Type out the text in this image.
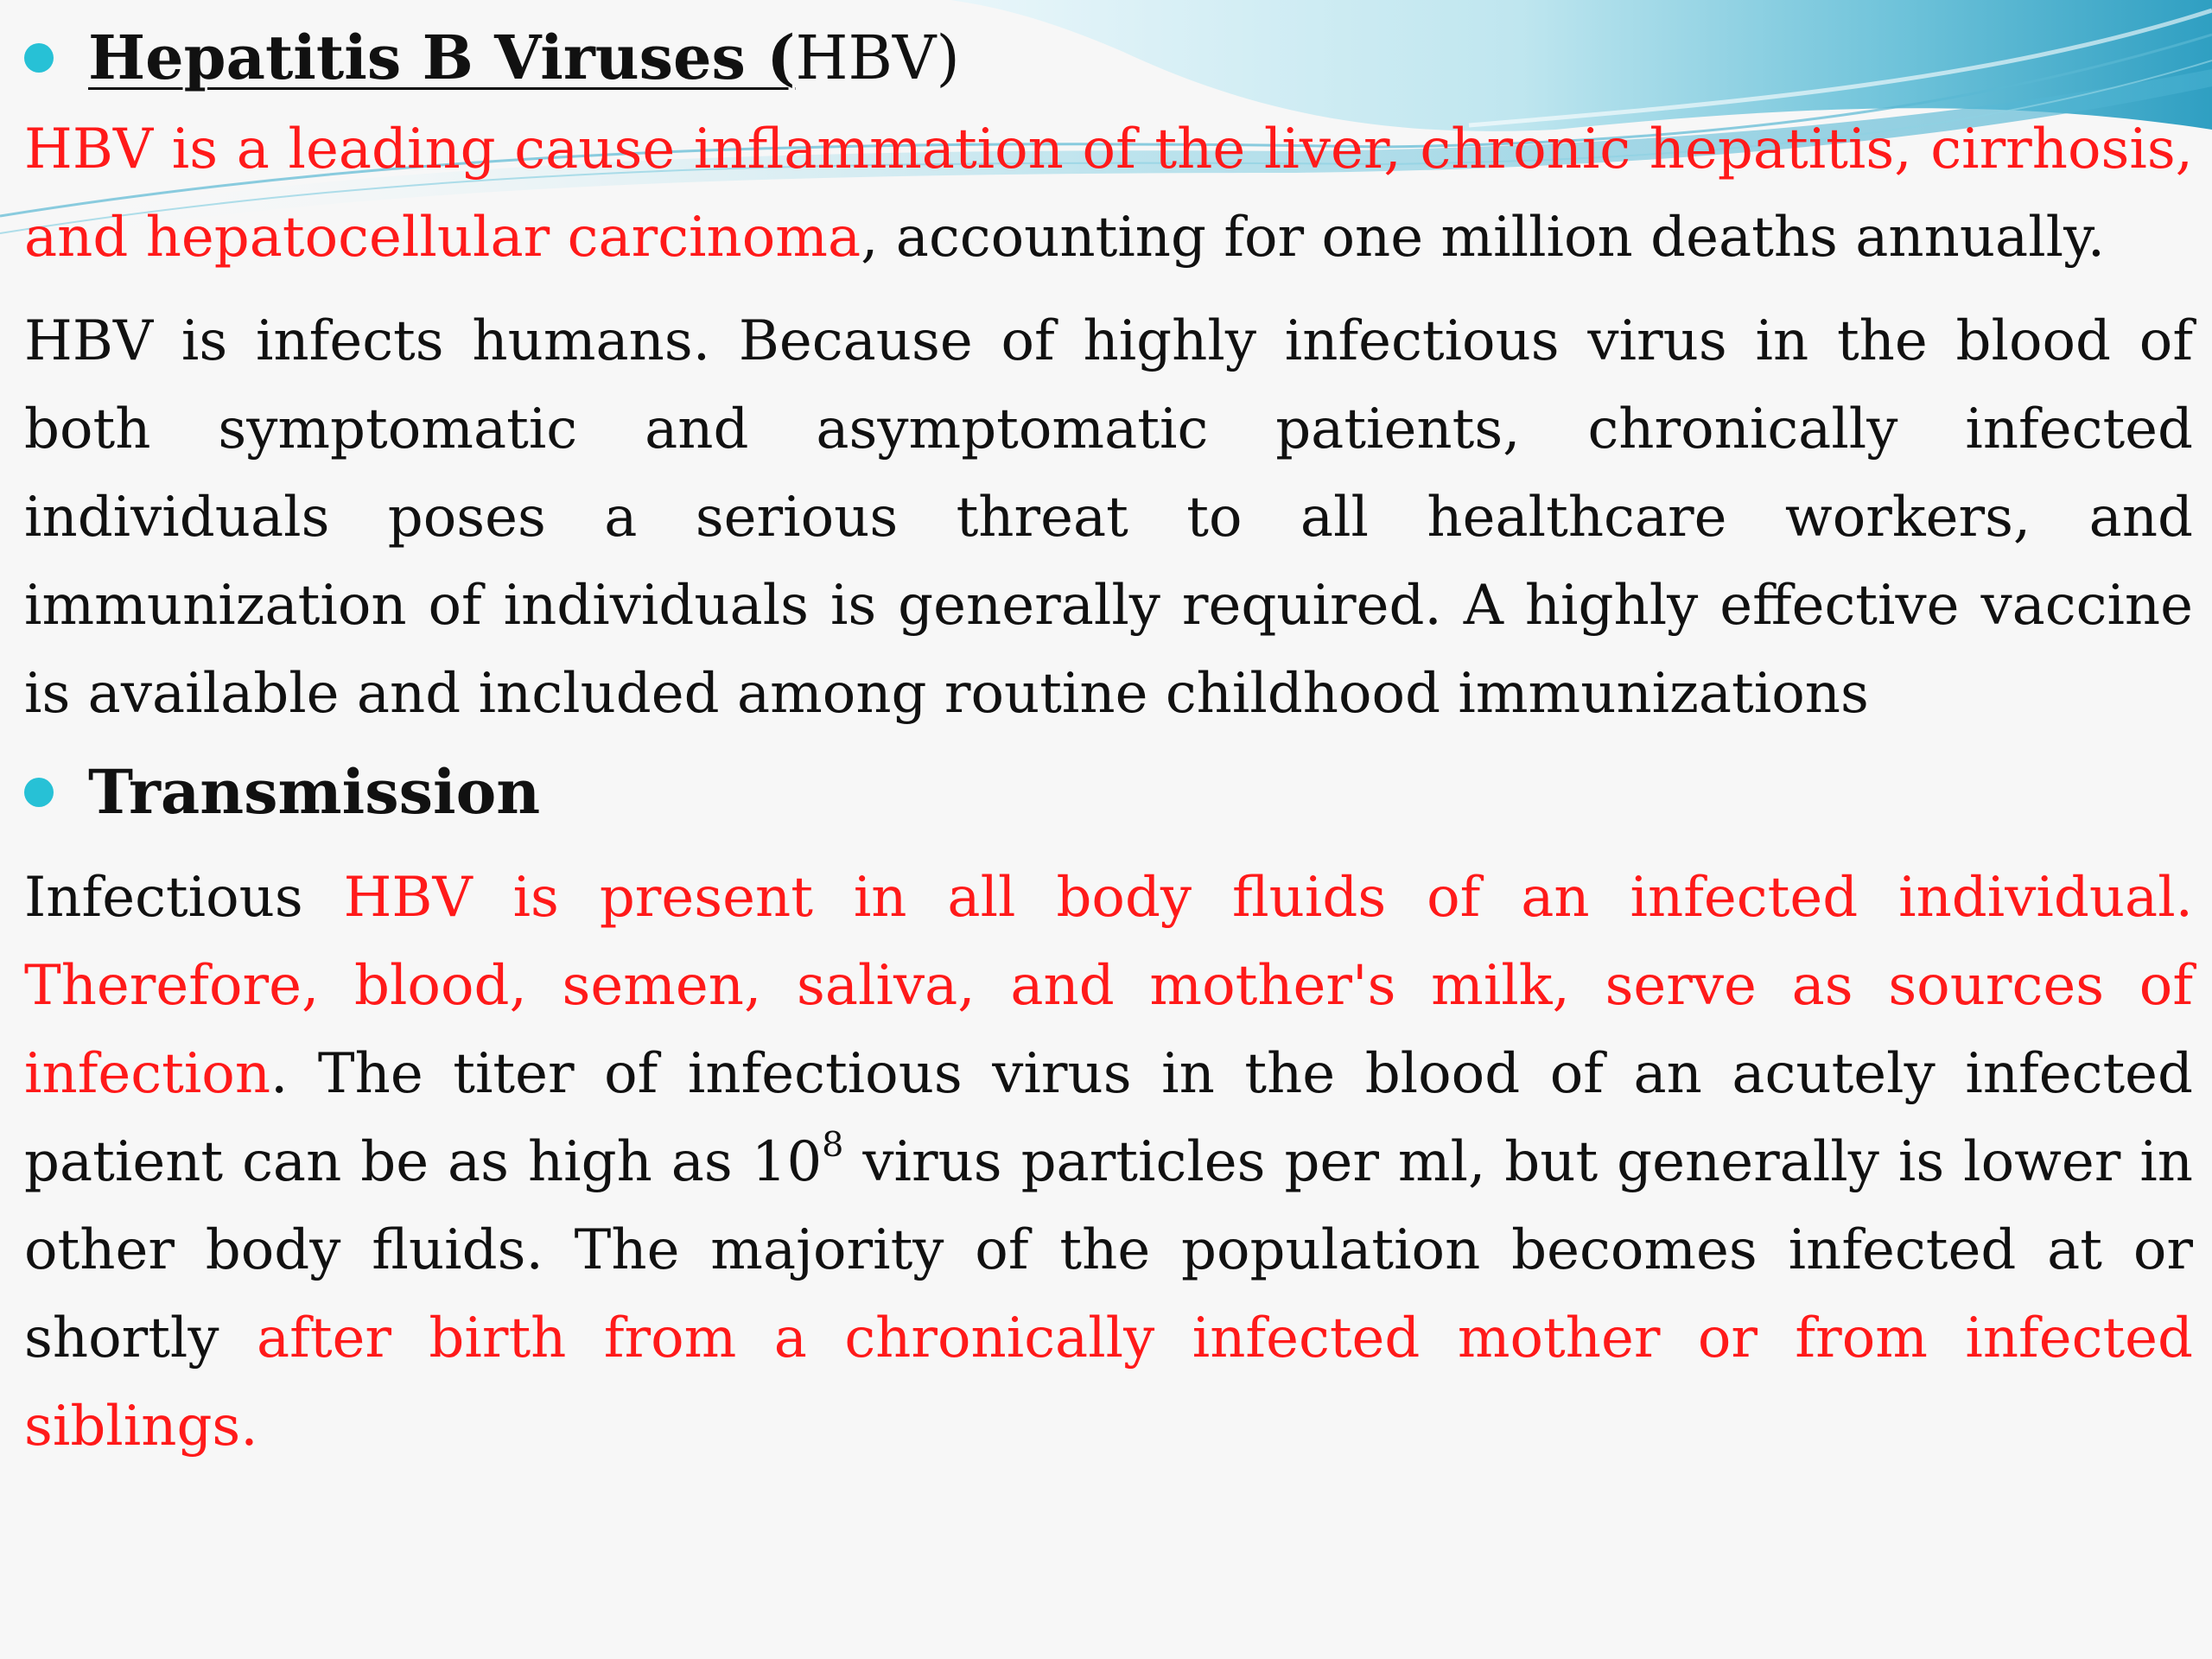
Hepatitis B Viruses ( HBV)

HBV is a leading cause inflammation of the liver, chronic hepatitis, cirrhosis, and hepatocellular carcinoma, accounting for one million deaths annually.

HBV is infects humans. Because of highly infectious virus in the blood of both symptomatic and asymptomatic patients, chronically infected individuals poses a serious threat to all healthcare workers, and immunization of individuals is generally required. A highly effective vaccine is available and included among routine childhood immunizations

Transmission

Infectious HBV is present in all body fluids of an infected individual. Therefore, blood, semen, saliva, and mother's milk, serve as sources of infection. The titer of infectious virus in the blood of an acutely infected patient can be as high as $10^8$ virus particles per ml, but generally is lower in other body fluids. The majority of the population becomes infected at or shortly after birth from a chronically infected mother or from infected siblings.
